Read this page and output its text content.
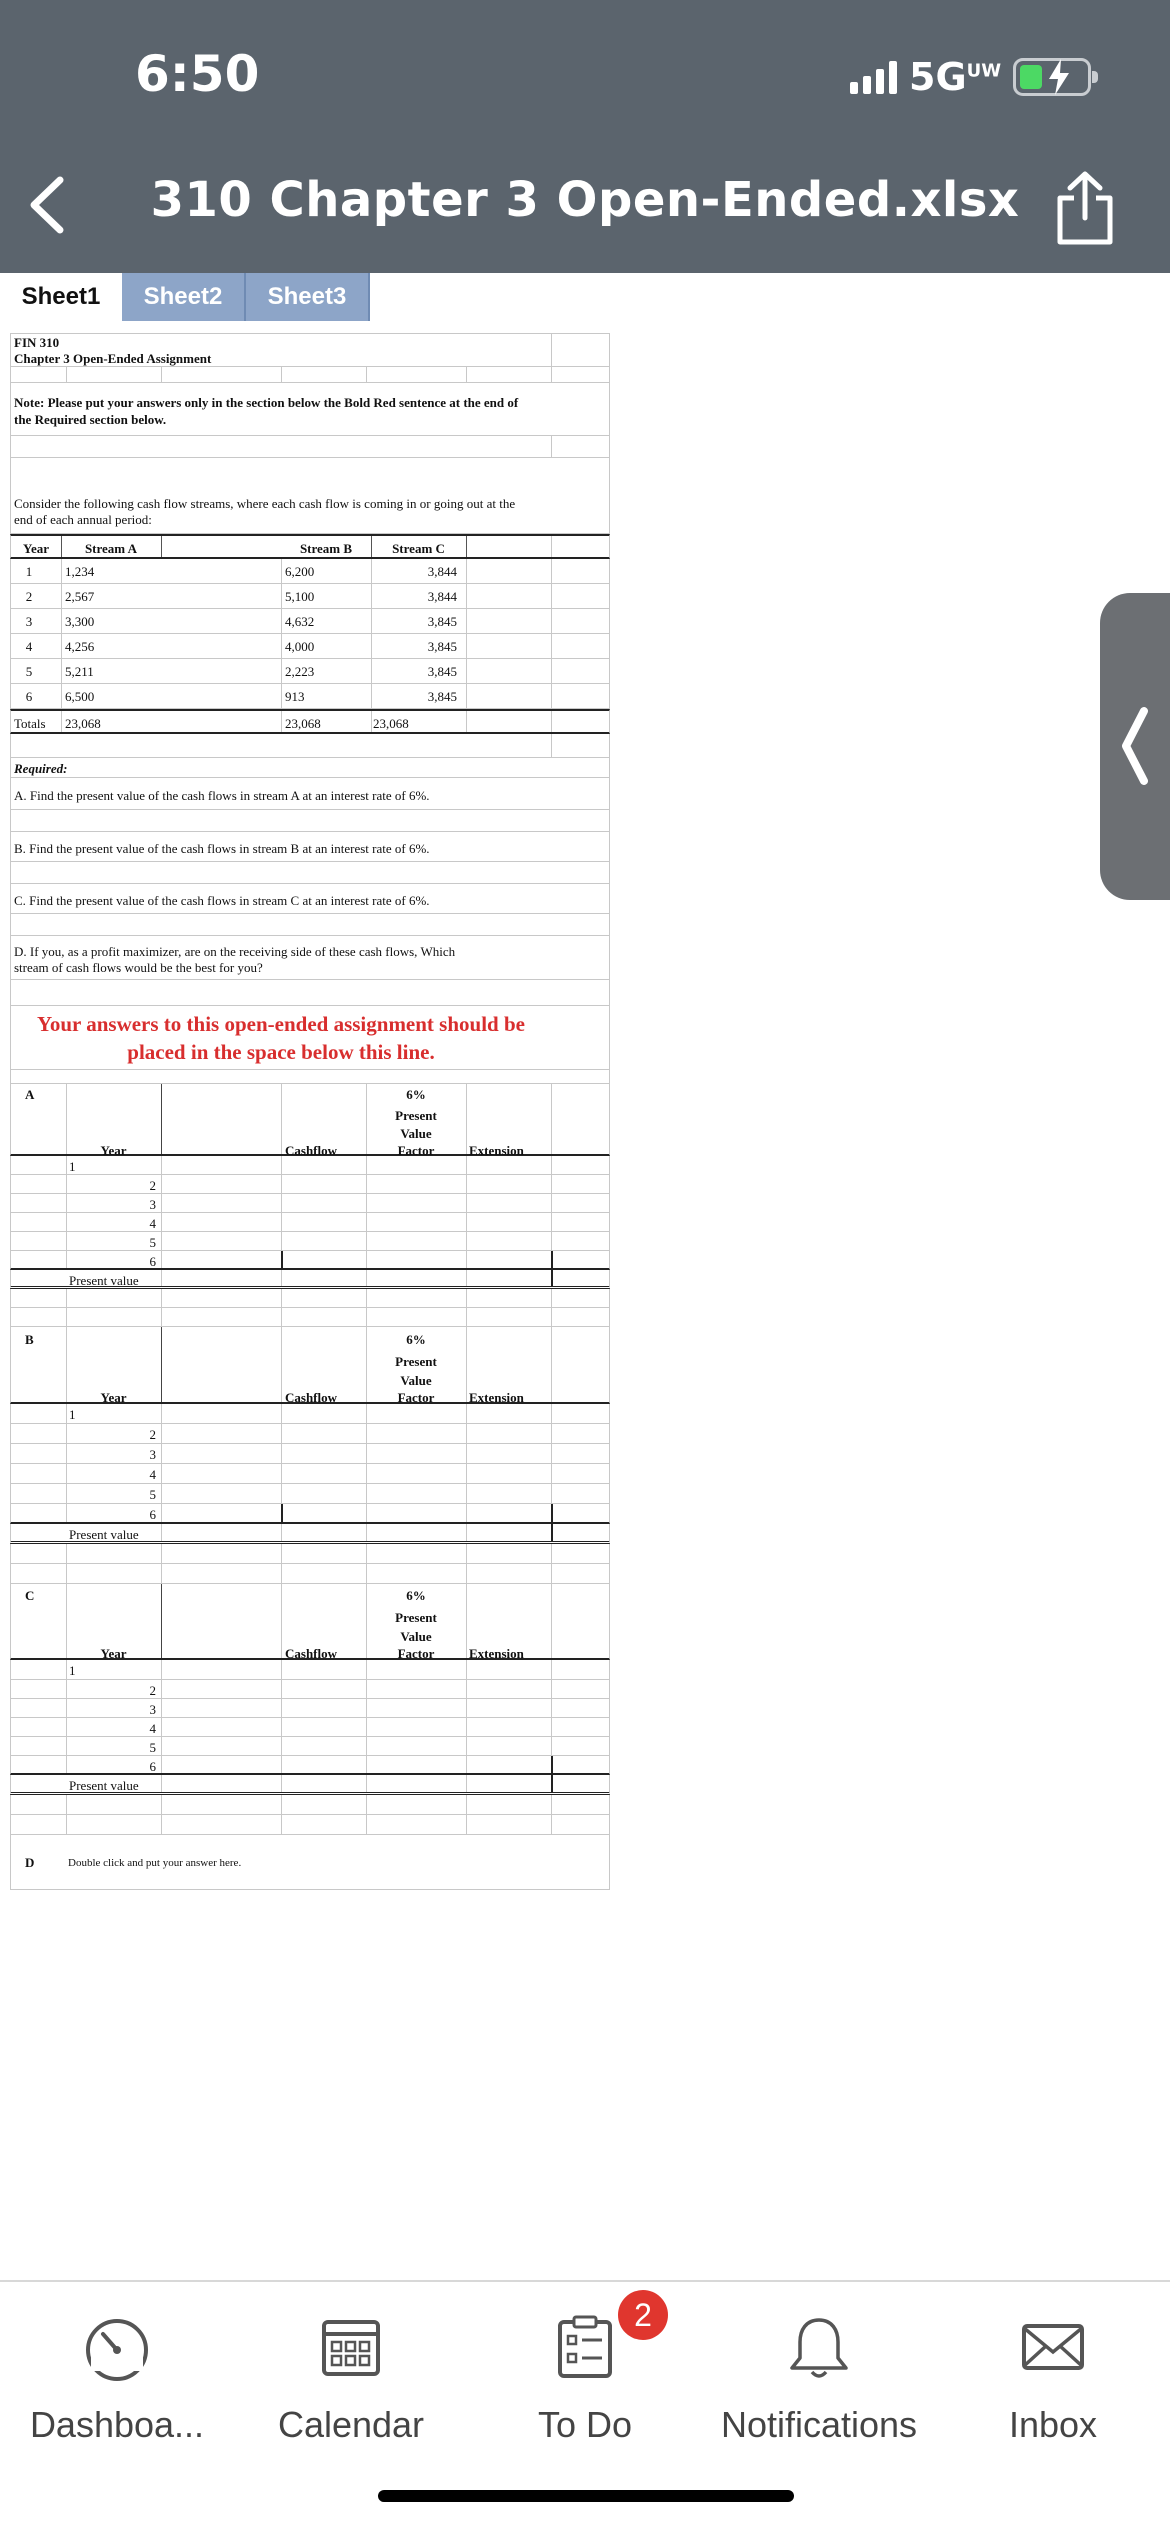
6:50	$5G^{UW}$
310 Chapter 3 Open-Ended.xlsx
Sheet1	Sheet2	Sheet3
FIN 310
Chapter 3 Open-Ended Assignment
Note: Please put your answers only in the section below the Bold Red sentence at the end of
the Required section below.
Consider the following cash flow streams, where each cash flow is coming in or going out at the
end of each annual period:
Year	Stream A	Stream B	Stream C
1	1,234	6,200	3,844
2	2,567	5,100	3,844
3	3,300	4,632	3,845
4	4,256	4,000	3,845
5	5,211	2,223	3,845
6	6,500	913	3,845
Totals 23,068	23,068	23,068
Required:
A. Find the present value of the cash flows in stream A at an interest rate of 6%.
B. Find the present value of the cash flows in stream B at an interest rate of 6%.
C. Find the present value of the cash flows in stream C at an interest rate of 6%.
D. If you, as a profit maximizer, are on the receiving side of these cash flows, Which
stream of cash flows would be the best for you?
Your answers to this open-ended assignment should be
placed in the space below this line.
A	6%
Present
Value
Factor
Year	Cashflow	Extension
1
2
3
4
5
6
Present value
B	6%
Present
Value
Factor
Year	Cashflow	Extension
1
2
3
4
5
6
Present value
C	6%
Present
Value
Factor
Year	Cashflow	Extension
1
2
3
4
5
6
Present value
D	Double click and put your answer here.
Dashboa...	Calendar	To Do	Notifications	Inbox
2
